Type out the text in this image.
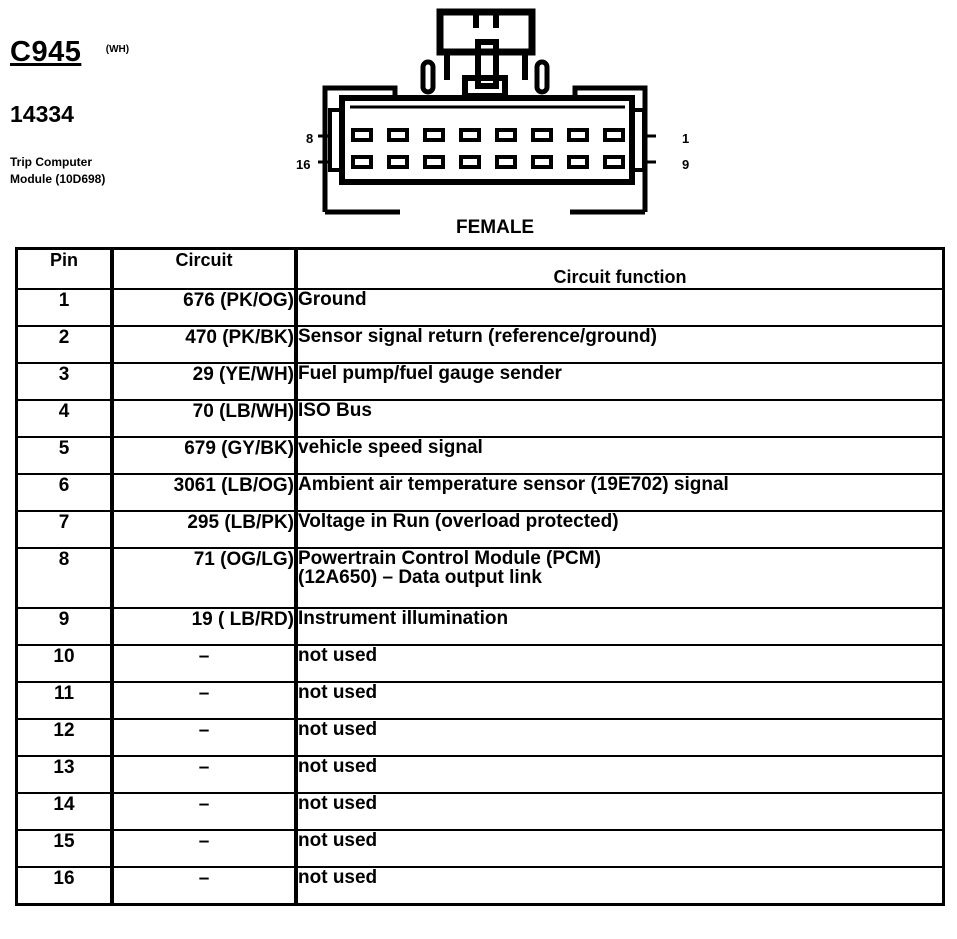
C945 $^{(WH)}$
14334
Trip Computer
Module (10D698)
8
16
1
9
FEMALE
Pin	Circuit	Circuit function
1	676 (PK/OG)	Ground

2	470 (PK/BK)	Sensor signal return (reference/ground)

3	29 (YE/WH)	Fuel pump/fuel gauge sender

4	70 (LB/WH)	ISO Bus

5	679 (GY/BK)	vehicle speed signal

6	3061 (LB/OG)	Ambient air temperature sensor (19E702) signal

7	295 (LB/PK)	Voltage in Run (overload protected)

8	71 (OG/LG)	Powertrain Control Module (PCM)
(12A650) – Data output link

9	19 ( LB/RD)	Instrument illumination

10	–	not used

11	–	not used

12	–	not used

13	–	not used

14	–	not used

15	–	not used

16	–	not used
